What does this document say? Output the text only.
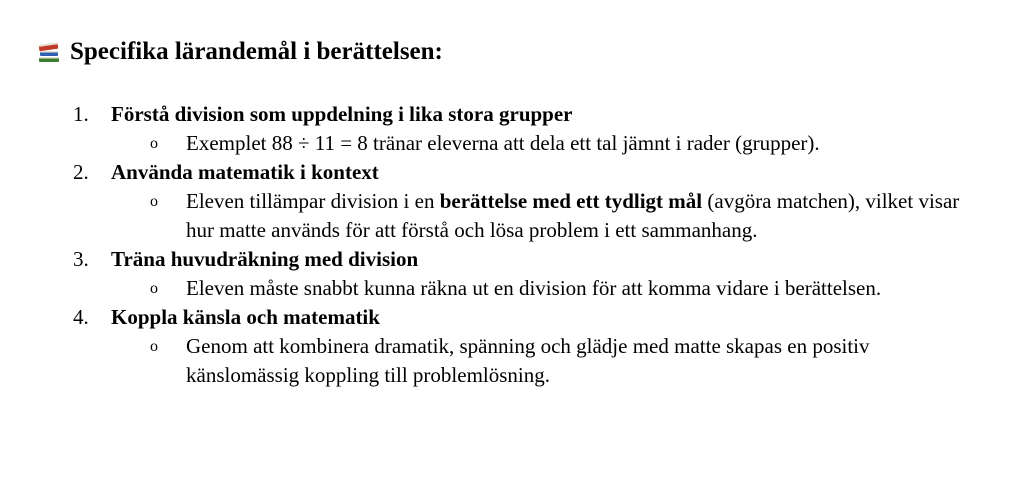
Specifika lärandemål i berättelsen:
1. Förstå division som uppdelning i lika stora grupper
o Exemplet 88 ÷ 11 = 8 tränar eleverna att dela ett tal jämnt i rader (grupper).
2. Använda matematik i kontext
o Eleven tillämpar division i en berättelse med ett tydligt mål (avgöra matchen), vilket visar hur matte används för att förstå och lösa problem i ett sammanhang.
3. Träna huvudräkning med division
o Eleven måste snabbt kunna räkna ut en division för att komma vidare i berättelsen.
4. Koppla känsla och matematik
o Genom att kombinera dramatik, spänning och glädje med matte skapas en positiv känslomässig koppling till problemlösning.
